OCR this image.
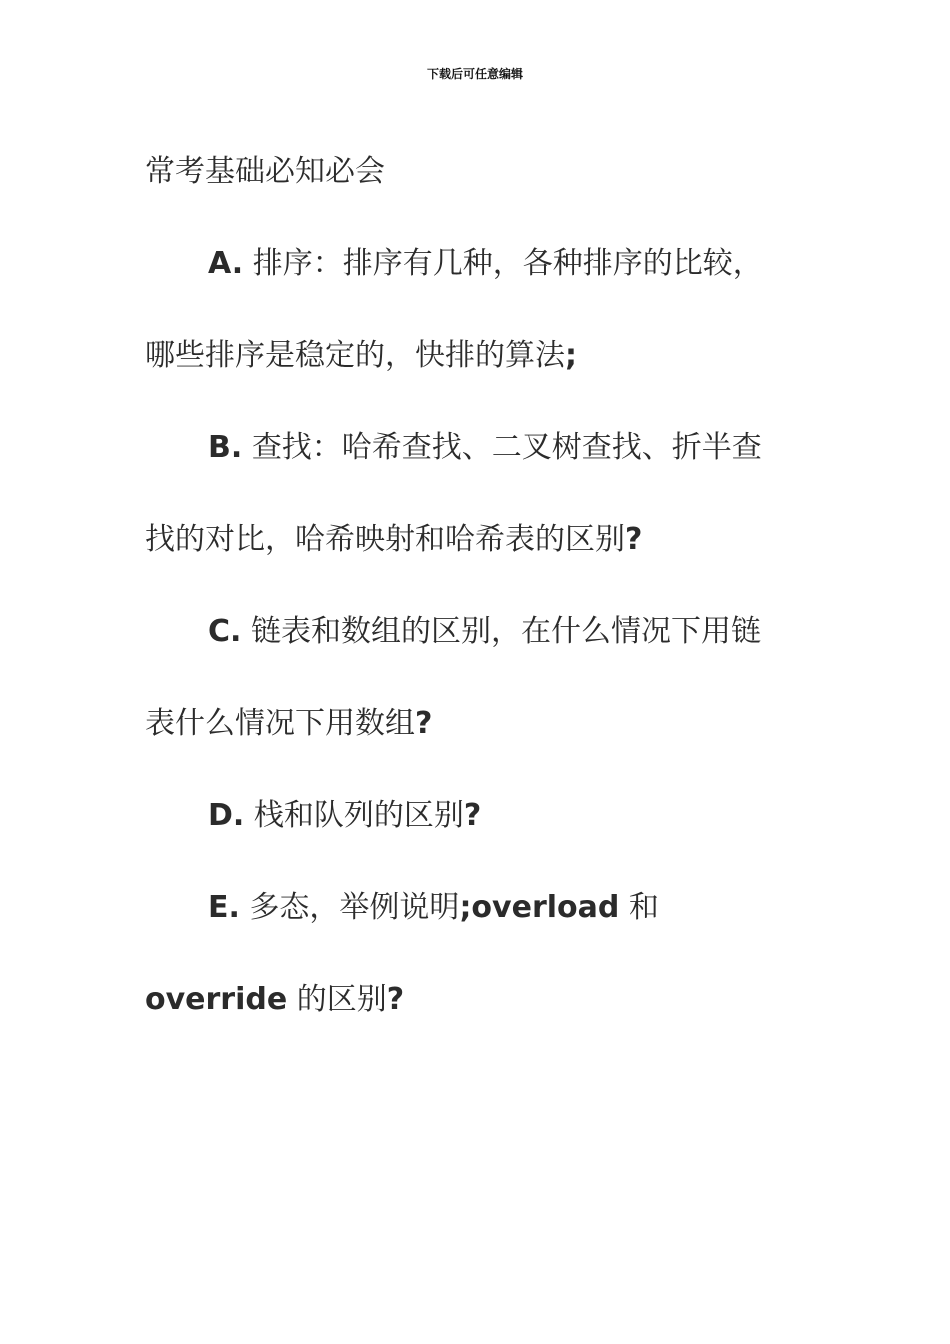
下载后可任意编辑
常考基础必知必会
A. 排序：排序有几种，各种排序的比较，
哪些排序是稳定的，快排的算法;
B. 查找：哈希查找、二叉树查找、折半查
找的对比，哈希映射和哈希表的区别?
C. 链表和数组的区别，在什么情况下用链
表什么情况下用数组?
D. 栈和队列的区别?
E. 多态，举例说明;overload 和
override 的区别?
